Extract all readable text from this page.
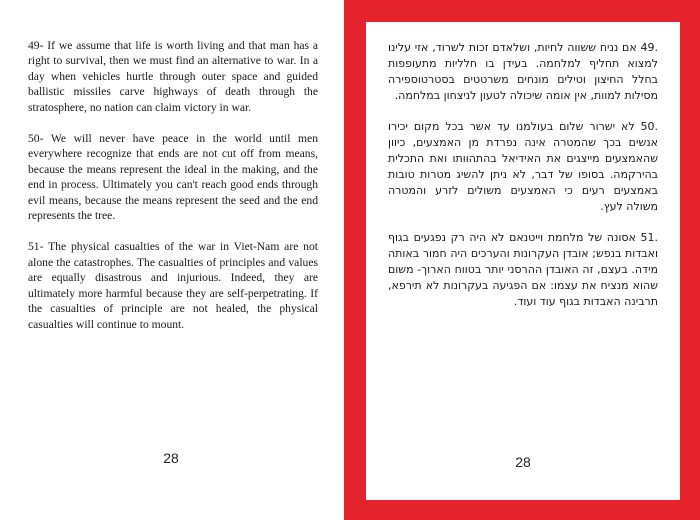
49- If we assume that life is worth living and that man has a right to survival, then we must find an alternative to war. In a day when vehicles hurtle through outer space and guided ballistic missiles carve highways of death through the stratosphere, no nation can claim victory in war.

50- We will never have peace in the world until men everywhere recognize that ends are not cut off from means, because the means represent the ideal in the making, and the end in process. Ultimately you can't reach good ends through evil means, because the means represent the seed and the end represents the tree.

51- The physical casualties of the war in Viet-Nam are not alone the catastrophes. The casualties of principles and values are equally disastrous and injurious. Indeed, they are ultimately more harmful because they are self-perpetrating. If the casualties of principle are not healed, the physical casualties will continue to mount.

28

.49 אם נניח ששווה לחיות, ושלאדם זכות לשרוד, אזי עלינו למצוא תחליף למלחמה. בעידן בו חלליות מתעופפות בחלל החיצון וטילים מונחים משרטטים בסטרטוספירה מסילות למוות, אין אומה שיכולה לטעון לניצחון במלחמה.

.50 לא ישרור שלום בעולמנו עד אשר בכל מקום יכירו אנשים בכך שהמטרה אינה נפרדת מן האמצעים, כיוון שהאמצעים מייצגים את האידיאל בהתהוותו ואת התכלית בהירקמה. בסופו של דבר, לא ניתן להשיג מטרות טובות באמצעים רעים כי האמצעים משולים לזרע והמטרה משולה לעץ.

.51 אסונה של מלחמת וייטנאם לא היה רק נפגעים בגוף ואבדות בנפש; אובדן העקרונות והערכים היה חמור באותה מידה. בעצם, זה האובדן ההרסני יותר בטווח הארוך- משום שהוא מנציח את עצמו: אם הפגיעה בעקרונות לא תירפא, תרבינה האבדות בגוף עוד ועוד.

28
